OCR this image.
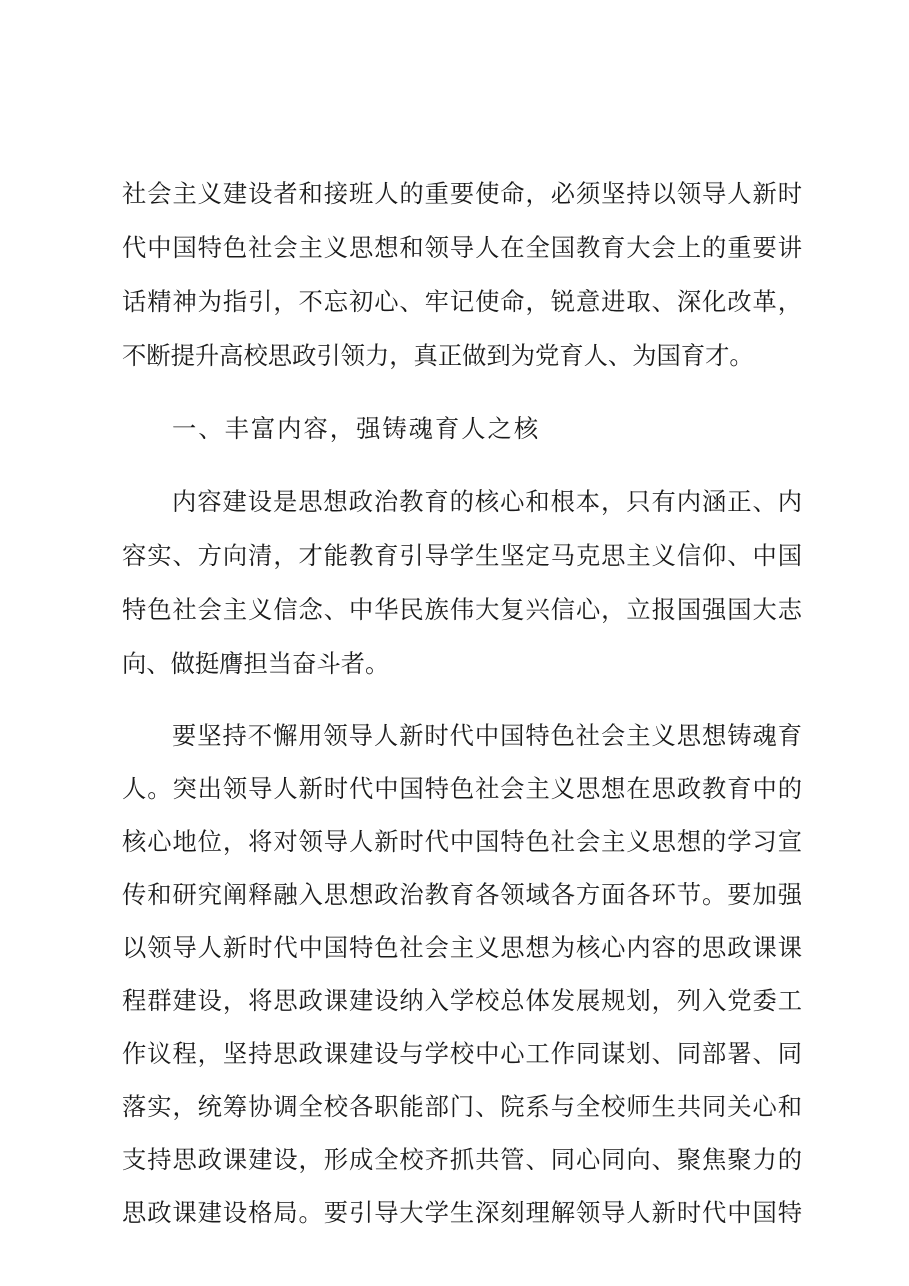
社会主义建设者和接班人的重要使命，必须坚持以领导人新时
代中国特色社会主义思想和领导人在全国教育大会上的重要讲
话精神为指引，不忘初心、牢记使命，锐意进取、深化改革，
不断提升高校思政引领力，真正做到为党育人、为国育才。
一、丰富内容，强铸魂育人之核
内容建设是思想政治教育的核心和根本，只有内涵正、内
容实、方向清，才能教育引导学生坚定马克思主义信仰、中国
特色社会主义信念、中华民族伟大复兴信心，立报国强国大志
向、做挺膺担当奋斗者。
要坚持不懈用领导人新时代中国特色社会主义思想铸魂育
人。突出领导人新时代中国特色社会主义思想在思政教育中的
核心地位，将对领导人新时代中国特色社会主义思想的学习宣
传和研究阐释融入思想政治教育各领域各方面各环节。要加强
以领导人新时代中国特色社会主义思想为核心内容的思政课课
程群建设，将思政课建设纳入学校总体发展规划，列入党委工
作议程，坚持思政课建设与学校中心工作同谋划、同部署、同
落实，统筹协调全校各职能部门、院系与全校师生共同关心和
支持思政课建设，形成全校齐抓共管、同心同向、聚焦聚力的
思政课建设格局。要引导大学生深刻理解领导人新时代中国特
